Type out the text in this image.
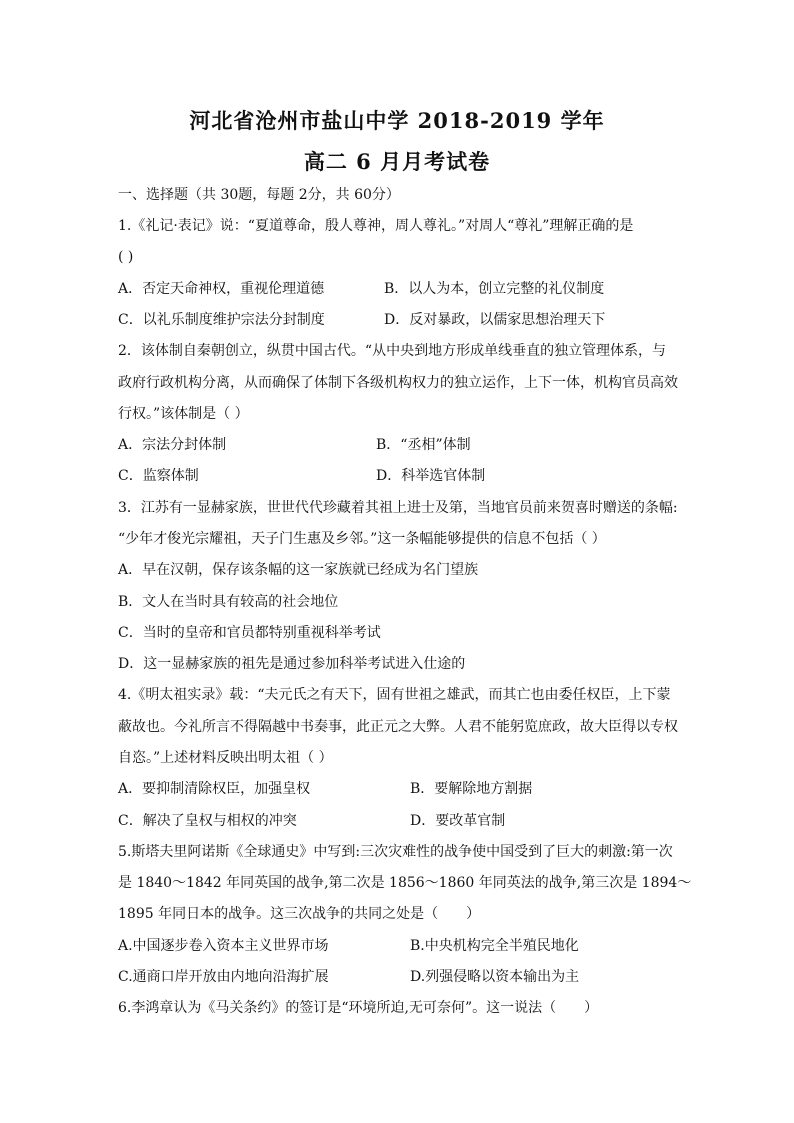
河北省沧州市盐山中学 2018-2019 学年
高二 6 月月考试卷
一、选择题（共 30题，每题 2分，共 60分）
1.《礼记·表记》说：“夏道尊命，殷人尊神，周人尊礼。”对周人“尊礼”理解正确的是
( )
A．否定天命神权，重视伦理道德	B．以人为本，创立完整的礼仪制度
C．以礼乐制度维护宗法分封制度	D．反对暴政，以儒家思想治理天下
2．该体制自秦朝创立，纵贯中国古代。“从中央到地方形成单线垂直的独立管理体系，与
政府行政机构分离，从而确保了体制下各级机构权力的独立运作，上下一体，机构官员高效
行权。”该体制是（ ）
A．宗法分封体制	B．“丞相”体制
C．监察体制	D．科举选官体制
3．江苏有一显赫家族，世世代代珍藏着其祖上进士及第，当地官员前来贺喜时赠送的条幅:
“少年才俊光宗耀祖，天子门生惠及乡邻。”这一条幅能够提供的信息不包括（ ）
A．早在汉朝，保存该条幅的这一家族就已经成为名门望族
B．文人在当时具有较高的社会地位
C．当时的皇帝和官员都特别重视科举考试
D．这一显赫家族的祖先是通过参加科举考试进入仕途的
4.《明太祖实录》载：“夫元氏之有天下，固有世祖之雄武，而其亡也由委任权臣，上下蒙
蔽故也。今礼所言不得隔越中书奏事，此正元之大弊。人君不能躬览庶政，故大臣得以专权
自恣。”上述材料反映出明太祖（ ）
A．要抑制清除权臣，加强皇权	B．要解除地方割据
C．解决了皇权与相权的冲突	D．要改革官制
5.斯塔夫里阿诺斯《全球通史》中写到:三次灾难性的战争使中国受到了巨大的刺激:第一次
是 1840～1842 年同英国的战争,第二次是 1856～1860 年同英法的战争,第三次是 1894～
1895 年同日本的战争。这三次战争的共同之处是（　　）
A.中国逐步卷入资本主义世界市场	B.中央机构完全半殖民地化
C.通商口岸开放由内地向沿海扩展	D.列强侵略以资本输出为主
6.李鸿章认为《马关条约》的签订是“环境所迫,无可奈何”。这一说法（　　）
